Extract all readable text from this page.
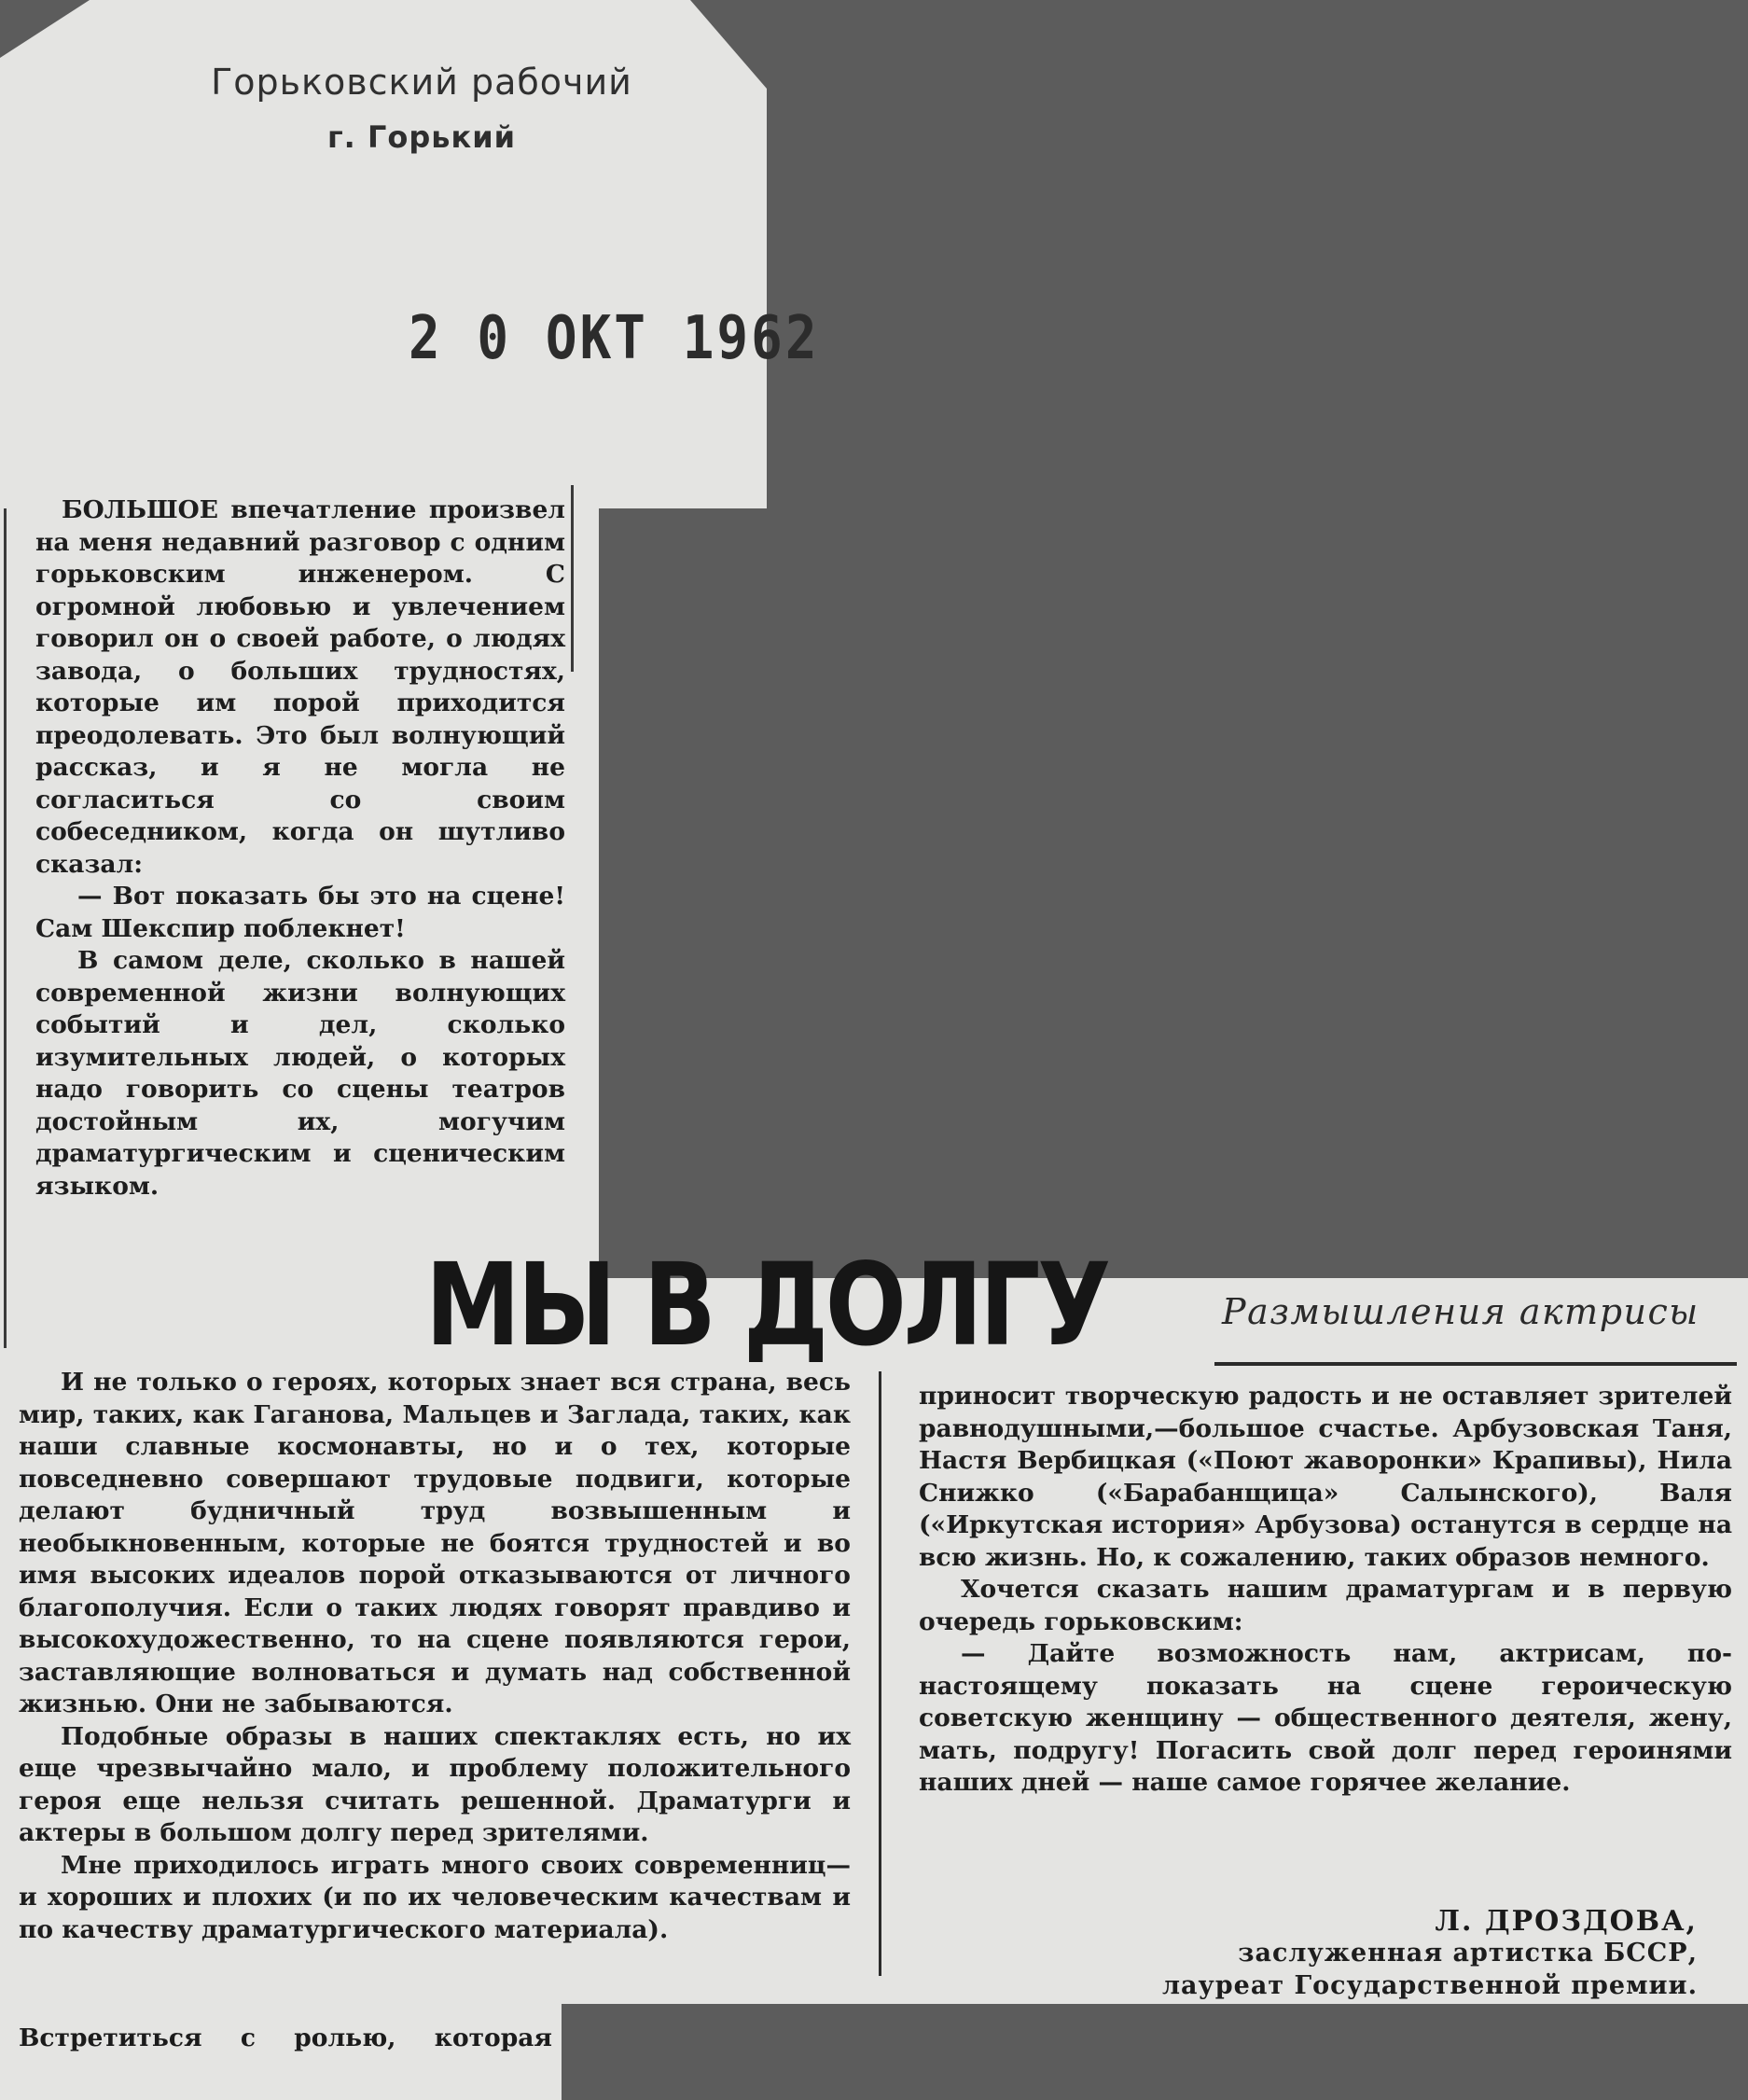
Горьковский рабочий
г. Горький
2 0 ОКТ 1962

БОЛЬШОЕ впечатление произвел на меня недавний разговор с одним горьковским инженером. С огромной любовью и увлечением говорил он о своей работе, о людях завода, о больших трудностях, которые им порой приходится преодолевать. Это был волнующий рассказ, и я не могла не согласиться со своим собеседником, когда он шутливо сказал:

— Вот показать бы это на сцене! Сам Шекспир поблекнет!

В самом деле, сколько в нашей современной жизни волнующих событий и дел, сколько изумительных людей, о которых надо говорить со сцены театров достойным их, могучим драматургическим и сценическим языком.

МЫ В ДОЛГУ	Размышления актрисы

И не только о героях, которых знает вся страна, весь мир, таких, как Гаганова, Мальцев и Заглада, таких, как наши славные космонавты, но и о тех, которые повседневно совершают трудовые подвиги, которые делают будничный труд возвышенным и необыкновенным, которые не боятся трудностей и во имя высоких идеалов порой отказываются от личного благополучия. Если о таких людях говорят правдиво и высокохудожественно, то на сцене появляются герои, заставляющие волноваться и думать над собственной жизнью. Они не забываются.

Подобные образы в наших спектаклях есть, но их еще чрезвычайно мало, и проблему положительного героя еще нельзя считать решенной. Драматурги и актеры в большом долгу перед зрителями.

Мне приходилось играть много своих современниц—и хороших и плохих (и по их человеческим качествам и по качеству драматургического материала).

Встретиться с ролью, которая

приносит творческую радость и не оставляет зрителей равнодушными,—большое счастье. Арбузовская Таня, Настя Вербицкая («Поют жаворонки» Крапивы), Нила Снижко («Барабанщица» Салынского), Валя («Иркутская история» Арбузова) останутся в сердце на всю жизнь. Но, к сожалению, таких образов немного.

Хочется сказать нашим драматургам и в первую очередь горьковским:

— Дайте возможность нам, актрисам, по-настоящему показать на сцене героическую советскую женщину — общественного деятеля, жену, мать, подругу! Погасить свой долг перед героинями наших дней — наше самое горячее желание.

Л. ДРОЗДОВА,
заслуженная артистка БССР,
лауреат Государственной премии.
